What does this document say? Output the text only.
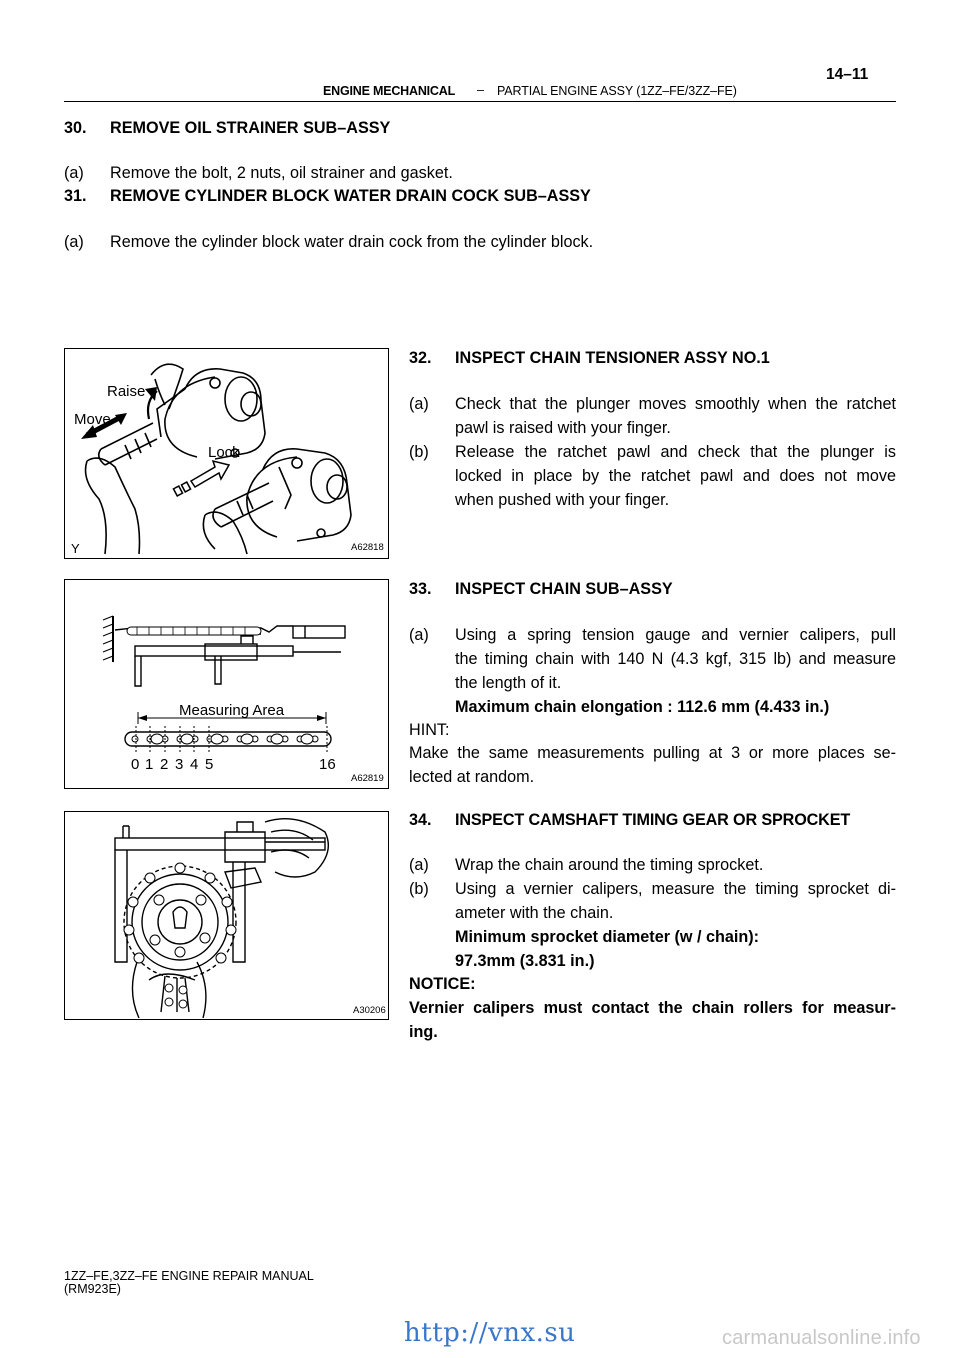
14–11
ENGINE MECHANICAL – PARTIAL ENGINE ASSY (1ZZ–FE/3ZZ–FE)
30. REMOVE OIL STRAINER SUB–ASSY
(a) Remove the bolt, 2 nuts, oil strainer and gasket.
31. REMOVE CYLINDER BLOCK WATER DRAIN COCK SUB–ASSY
(a) Remove the cylinder block water drain cock from the cylinder block.
Raise
Move
Lock
Y	A62818
32. INSPECT CHAIN TENSIONER ASSY NO.1
(a) Check that the plunger moves smoothly when the ratchet
pawl is raised with your finger.
(b) Release the ratchet pawl and check that the plunger is
locked in place by the ratchet pawl and does not move
when pushed with your finger.
Measuring Area
0 1 2 3 4 5	16
A62819
33. INSPECT CHAIN SUB–ASSY
(a) Using a spring tension gauge and vernier calipers, pull
the timing chain with 140 N (4.3 kgf, 315 lb) and measure
the length of it.
Maximum chain elongation : 112.6 mm (4.433 in.)
HINT:
Make the same measurements pulling at 3 or more places se-
lected at random.
A30206
34. INSPECT CAMSHAFT TIMING GEAR OR SPROCKET
(a) Wrap the chain around the timing sprocket.
(b) Using a vernier calipers, measure the timing sprocket di-
ameter with the chain.
Minimum sprocket diameter (w / chain):
97.3mm (3.831 in.)
NOTICE:
Vernier calipers must contact the chain rollers for measur-
ing.
1ZZ–FE,3ZZ–FE ENGINE REPAIR MANUAL
(RM923E)
http://vnx.su	carmanualsonline.info
